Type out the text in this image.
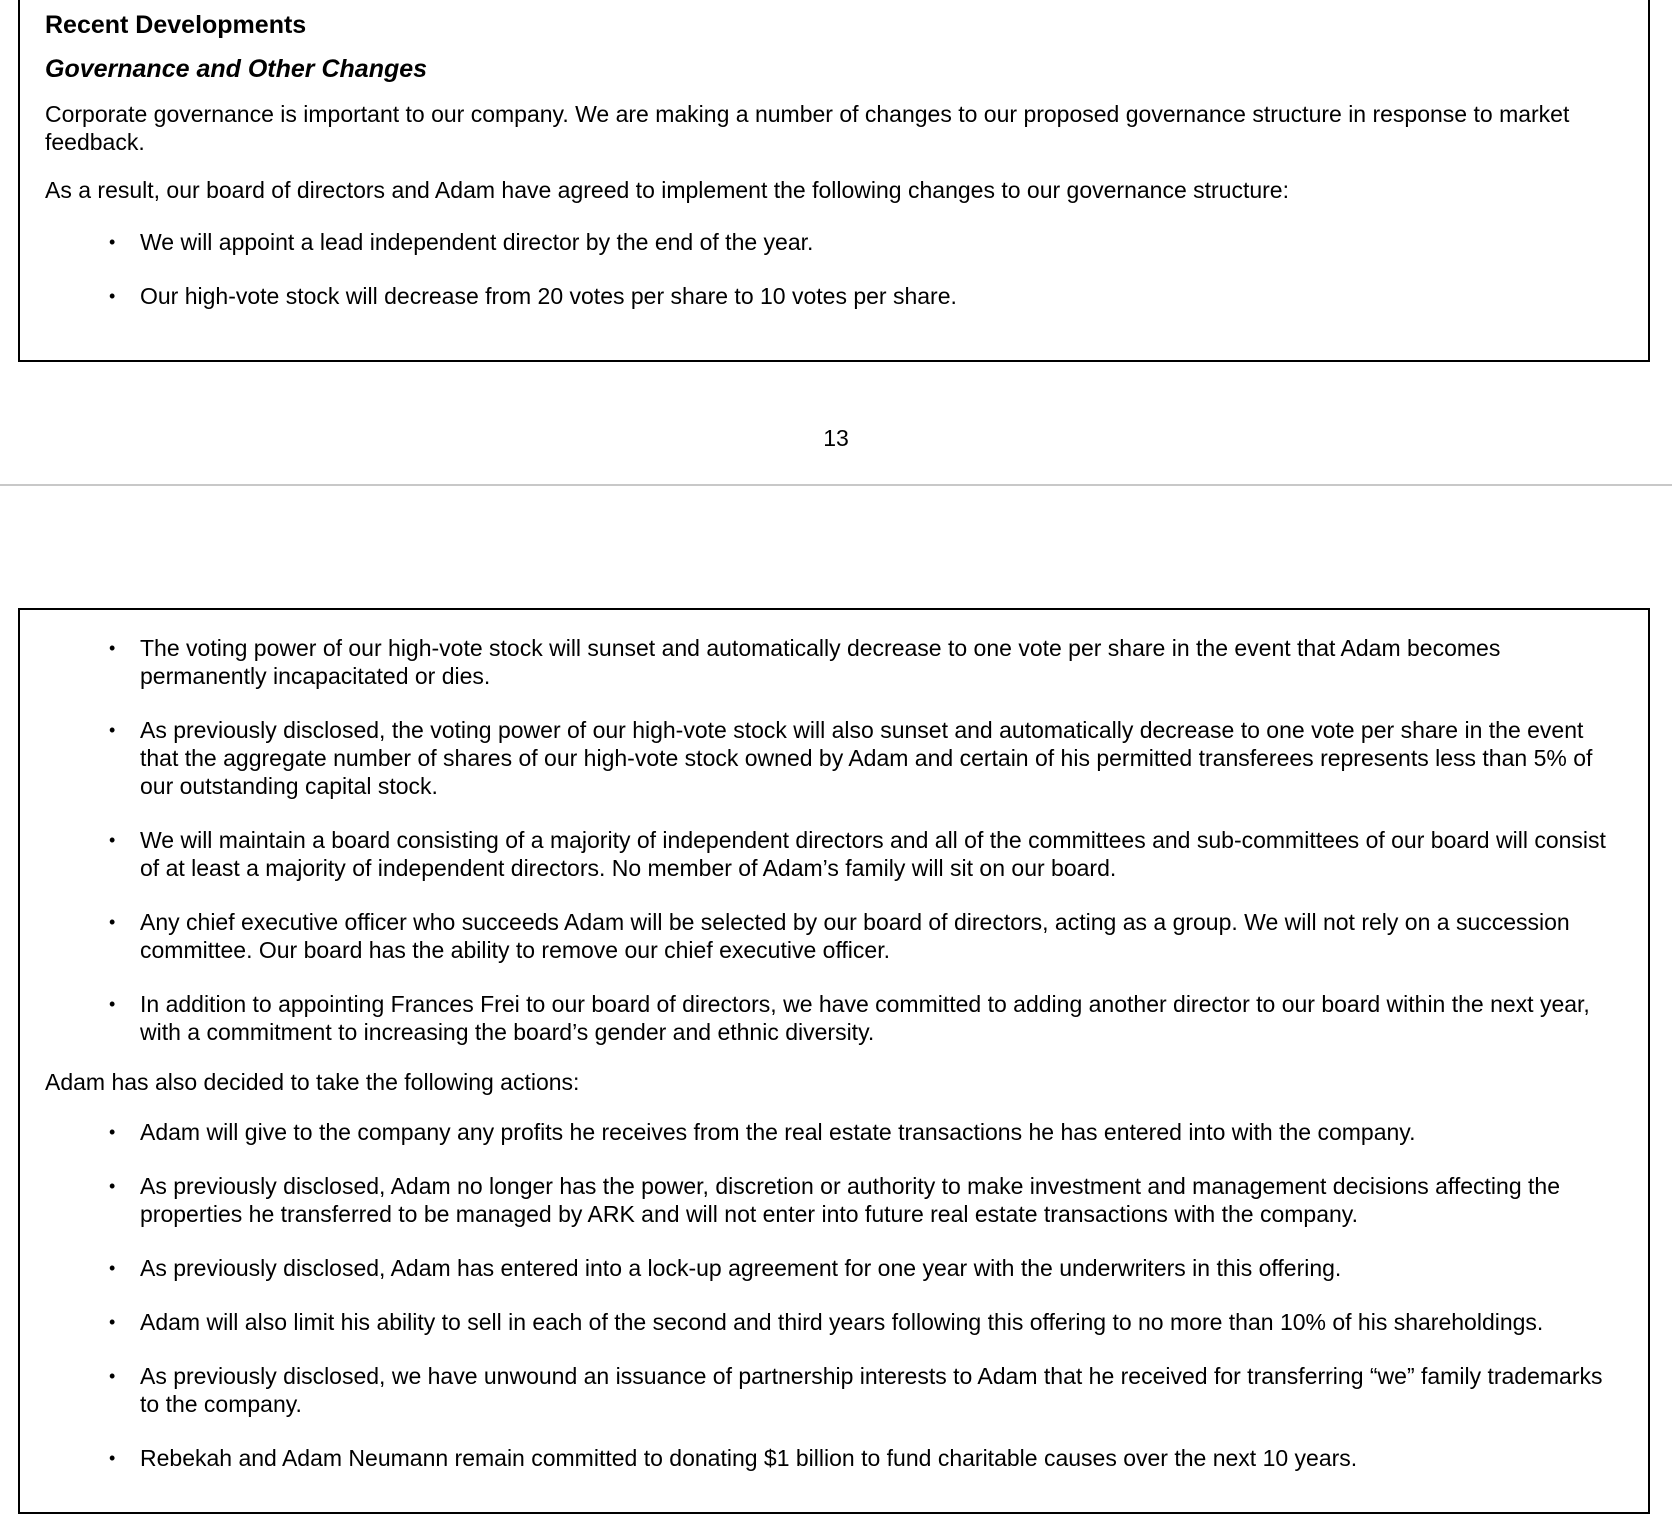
Recent Developments
Governance and Other Changes
Corporate governance is important to our company. We are making a number of changes to our proposed governance structure in response to market feedback.
As a result, our board of directors and Adam have agreed to implement the following changes to our governance structure:
• We will appoint a lead independent director by the end of the year.
• Our high-vote stock will decrease from 20 votes per share to 10 votes per share.
13
• The voting power of our high-vote stock will sunset and automatically decrease to one vote per share in the event that Adam becomes permanently incapacitated or dies.
• As previously disclosed, the voting power of our high-vote stock will also sunset and automatically decrease to one vote per share in the event that the aggregate number of shares of our high-vote stock owned by Adam and certain of his permitted transferees represents less than 5% of our outstanding capital stock.
• We will maintain a board consisting of a majority of independent directors and all of the committees and sub-committees of our board will consist of at least a majority of independent directors. No member of Adam’s family will sit on our board.
• Any chief executive officer who succeeds Adam will be selected by our board of directors, acting as a group. We will not rely on a succession committee. Our board has the ability to remove our chief executive officer.
• In addition to appointing Frances Frei to our board of directors, we have committed to adding another director to our board within the next year, with a commitment to increasing the board’s gender and ethnic diversity.
Adam has also decided to take the following actions:
• Adam will give to the company any profits he receives from the real estate transactions he has entered into with the company.
• As previously disclosed, Adam no longer has the power, discretion or authority to make investment and management decisions affecting the properties he transferred to be managed by ARK and will not enter into future real estate transactions with the company.
• As previously disclosed, Adam has entered into a lock-up agreement for one year with the underwriters in this offering.
• Adam will also limit his ability to sell in each of the second and third years following this offering to no more than 10% of his shareholdings.
• As previously disclosed, we have unwound an issuance of partnership interests to Adam that he received for transferring “we” family trademarks to the company.
• Rebekah and Adam Neumann remain committed to donating $1 billion to fund charitable causes over the next 10 years.
